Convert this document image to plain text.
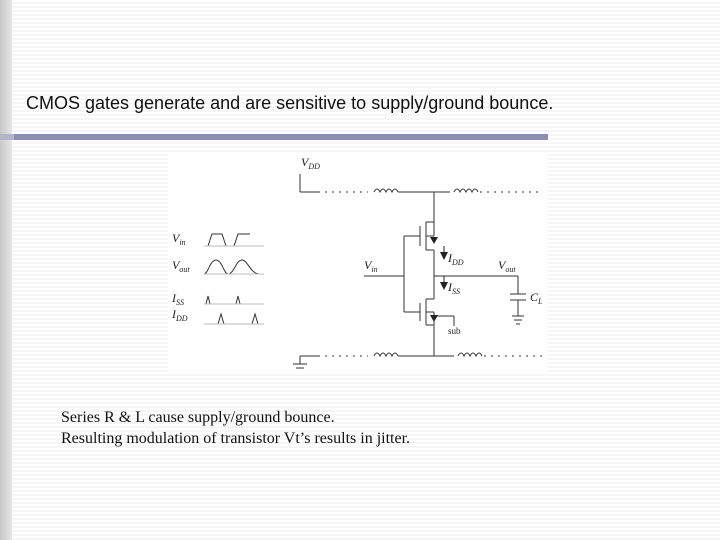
CMOS gates generate and are sensitive to supply/ground bounce.
$V_{DD}$
$V_{in}$
$V_{out}$
$I_{SS}$
$I_{DD}$
$V_{in}$
$I_{DD}$	$V_{out}$
$I_{SS}$	$C_L$
sub
Series R & L cause supply/ground bounce.
Resulting modulation of transistor Vt’s results in jitter.
